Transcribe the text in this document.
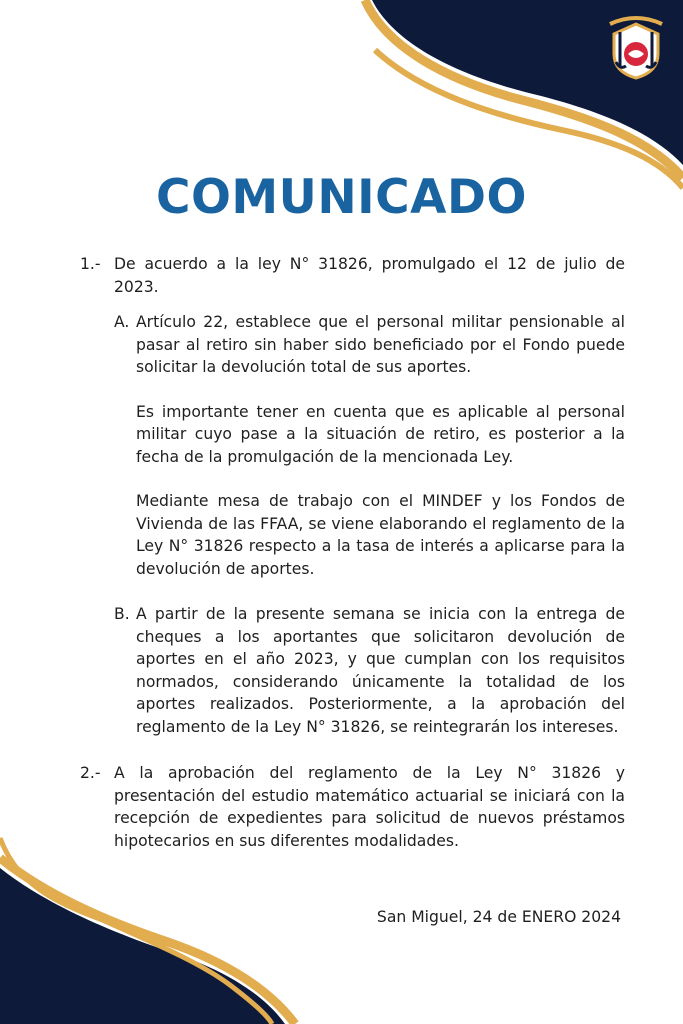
COMUNICADO
1.- De acuerdo a la ley N° 31826, promulgado el 12 de julio de 2023.
A. Artículo 22, establece que el personal militar pensionable al pasar al retiro sin haber sido beneficiado por el Fondo puede solicitar la devolución total de sus aportes.
Es importante tener en cuenta que es aplicable al personal militar cuyo pase a la situación de retiro, es posterior a la fecha de la promulgación de la mencionada Ley.
Mediante mesa de trabajo con el MINDEF y los Fondos de Vivienda de las FFAA, se viene elaborando el reglamento de la Ley N° 31826 respecto a la tasa de interés a aplicarse para la devolución de aportes.
B. A partir de la presente semana se inicia con la entrega de cheques a los aportantes que solicitaron devolución de aportes en el año 2023, y que cumplan con los requisitos normados, considerando únicamente la totalidad de los aportes realizados. Posteriormente, a la aprobación del reglamento de la Ley N° 31826, se reintegrarán los intereses.
2.- A la aprobación del reglamento de la Ley N° 31826 y presentación del estudio matemático actuarial se iniciará con la recepción de expedientes para solicitud de nuevos préstamos hipotecarios en sus diferentes modalidades.
San Miguel, 24 de ENERO 2024
